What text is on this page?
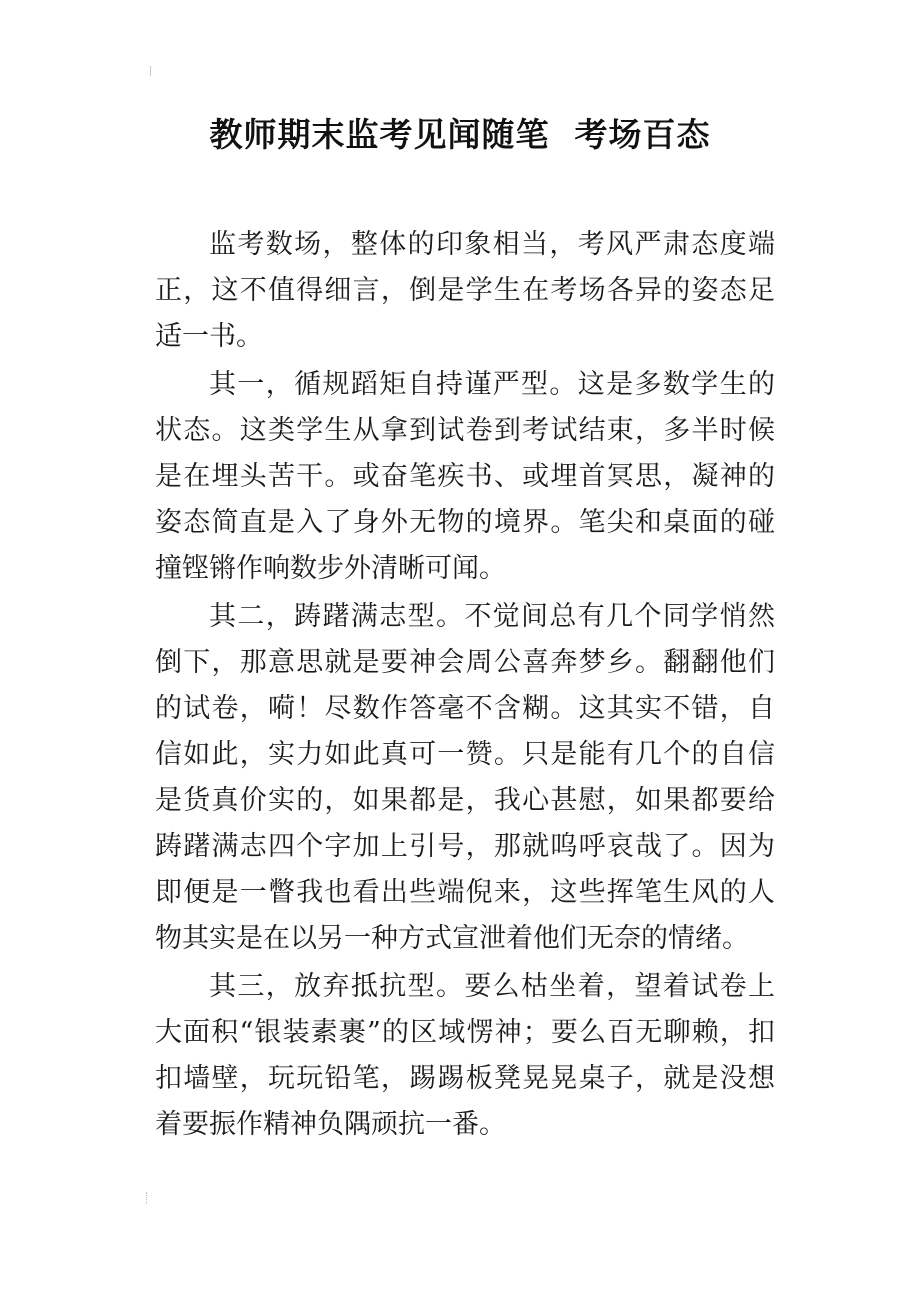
教师期末监考见闻随笔  考场百态

监考数场，整体的印象相当，考风严肃态度端正，这不值得细言，倒是学生在考场各异的姿态足适一书。

其一，循规蹈矩自持谨严型。这是多数学生的状态。这类学生从拿到试卷到考试结束，多半时候是在埋头苦干。或奋笔疾书、或埋首冥思，凝神的姿态简直是入了身外无物的境界。笔尖和桌面的碰撞铿锵作响数步外清晰可闻。

其二，踌躇满志型。不觉间总有几个同学悄然倒下，那意思就是要神会周公喜奔梦乡。翻翻他们的试卷，嗬！尽数作答毫不含糊。这其实不错，自信如此，实力如此真可一赞。只是能有几个的自信是货真价实的，如果都是，我心甚慰，如果都要给踌躇满志四个字加上引号，那就呜呼哀哉了。因为即便是一瞥我也看出些端倪来，这些挥笔生风的人物其实是在以另一种方式宣泄着他们无奈的情绪。

其三，放弃抵抗型。要么枯坐着，望着试卷上大面积“银装素裹”的区域愣神；要么百无聊赖，扣扣墙壁，玩玩铅笔，踢踢板凳晃晃桌子，就是没想着要振作精神负隅顽抗一番。
